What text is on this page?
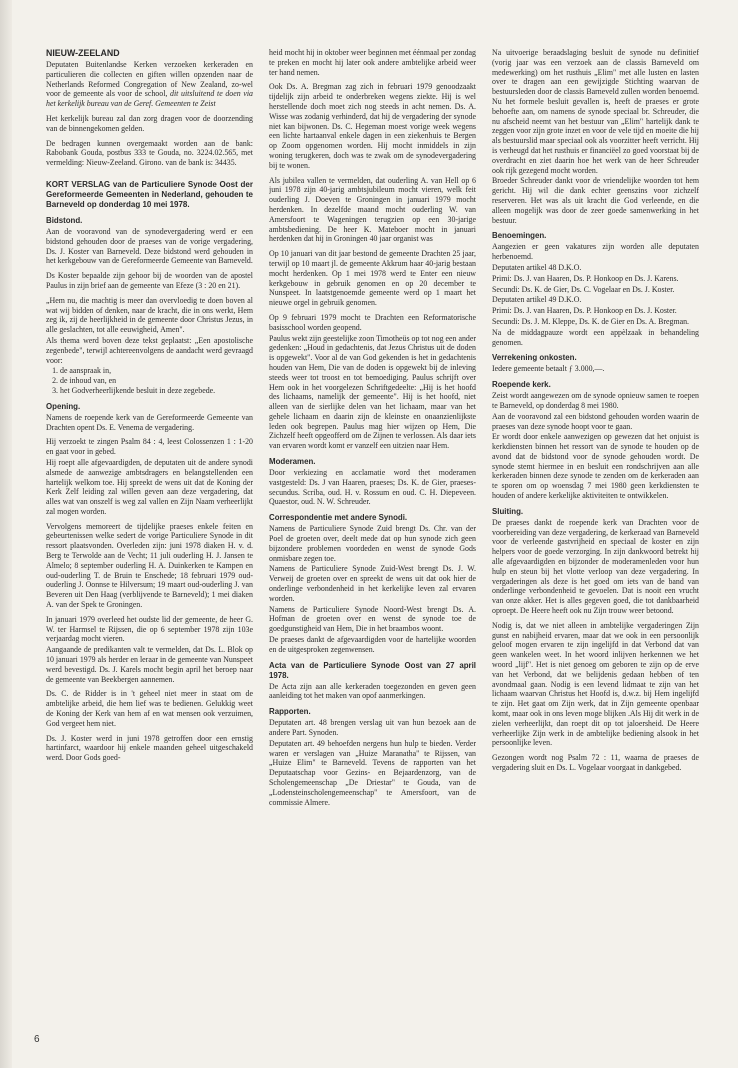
NIEUW-ZEELAND

Deputaten Buitenlandse Kerken verzoeken kerkeraden en particulieren die collecten en giften willen opzenden naar de Netherlands Reformed Congregation of New Zealand, zo-wel voor de gemeente als voor de school, dit uitsluitend te doen via het kerkelijk bureau van de Geref. Gemeenten te Zeist

Het kerkelijk bureau zal dan zorg dragen voor de doorzending van de binnengekomen gelden.

De bedragen kunnen overgemaakt worden aan de bank: Rabobank Gouda, postbus 333 te Gouda, no. 3224.02.565, met vermelding: Nieuw-Zeeland. Girono. van de bank is: 34435.

KORT VERSLAG van de Particuliere Synode Oost der Gereformeerde Gemeenten in Nederland, gehouden te Barneveld op donderdag 10 mei 1978.
Bidstond.

Aan de vooravond van de synodevergadering werd er een bidstond gehouden door de praeses van de vorige vergadering, Ds. J. Koster van Barneveld. Deze bidstond werd gehouden in het kerkgebouw van de Gereformeerde Gemeente van Barneveld.

Ds Koster bepaalde zijn gehoor bij de woorden van de apostel Paulus in zijn brief aan de gemeente van Efeze (3 : 20 en 21).

„Hem nu, die machtig is meer dan overvloedig te doen boven al wat wij bidden of denken, naar de kracht, die in ons werkt, Hem zeg ik, zij de heerlijkheid in de gemeente door Christus Jezus, in alle geslachten, tot alle eeuwigheid, Amen".

Als thema werd boven deze tekst geplaatst: „Een apostolische zegenbede", terwijl achtereenvolgens de aandacht werd gevraagd voor:

1. de aanspraak in,
2. de inhoud van, en
3. het Godverheerlijkende besluit in deze zegebede.
Opening.

Namens de roepende kerk van de Gereformeerde Gemeente van Drachten opent Ds. E. Venema de vergadering.

Hij verzoekt te zingen Psalm 84 : 4, leest Colossenzen 1 : 1-20 en gaat voor in gebed.

Hij roept alle afgevaardigden, de deputaten uit de andere synodi alsmede de aanwezige ambtsdragers en belangstellenden een hartelijk welkom toe. Hij spreekt de wens uit dat de Koning der Kerk Zelf leiding zal willen geven aan deze vergadering, dat alles wat van onszelf is weg zal vallen en Zijn Naam verheerlijkt zal mogen worden.

Vervolgens memoreert de tijdelijke praeses enkele feiten en gebeurtenissen welke sedert de vorige Particuliere Synode in dit ressort plaatsvonden. Overleden zijn: juni 1978 diaken H. v. d. Berg te Terwolde aan de Vecht; 11 juli ouderling H. J. Jansen te Almelo; 8 september ouderling H. A. Duinkerken te Kampen en oud-ouderling T. de Bruin te Enschede; 18 februari 1979 oud-ouderling J. Oonnse te Hilversum; 19 maart oud-ouderling J. van Beveren uit Den Haag (verblijvende te Barneveld); 1 mei diaken A. van der Spek te Groningen.

In januari 1979 overleed het oudste lid der gemeente, de heer G. W. ter Harmsel te Rijssen, die op 6 september 1978 zijn 103e verjaardag mocht vieren.

Aangaande de predikanten valt te vermelden, dat Ds. L. Blok op 10 januari 1979 als herder en leraar in de gemeente van Nunspeet werd bevestigd. Ds. J. Karels mocht begin april het beroep naar de gemeente van Beekbergen aannemen.

Ds. C. de Ridder is in 't geheel niet meer in staat om de ambtelijke arbeid, die hem lief was te bedienen. Gelukkig weet de Koning der Kerk van hem af en wat mensen ook verzuimen, God vergeet hem niet.

Ds. J. Koster werd in juni 1978 getroffen door een ernstig hartinfarct, waardoor hij enkele maanden geheel uitgeschakeld werd. Door Gods goed-

heid mocht hij in oktober weer beginnen met éénmaal per zondag te preken en mocht hij later ook andere ambtelijke arbeid weer ter hand nemen.

Ook Ds. A. Bregman zag zich in februari 1979 genoodzaakt tijdelijk zijn arbeid te onderbreken wegens ziekte. Hij is wel herstellende doch moet zich nog steeds in acht nemen. Ds. A. Wisse was zodanig verhinderd, dat hij de vergadering der synode niet kan bijwonen. Ds. C. Hegeman moest vorige week wegens een lichte hartaanval enkele dagen in een ziekenhuis te Bergen op Zoom opgenomen worden. Hij mocht inmiddels in zijn woning terugkeren, doch was te zwak om de synodevergadering bij te wonen.

Als jubilea vallen te vermelden, dat ouderling A. van Hell op 6 juni 1978 zijn 40-jarig ambtsjubileum mocht vieren, welk feit ouderling J. Doeven te Groningen in januari 1979 mocht herdenken. In dezelfde maand mocht ouderling W. van Amersfoort te Wageningen terugzien op een 30-jarige ambtsbediening. De heer K. Mateboer mocht in januari herdenken dat hij in Groningen 40 jaar organist was

Op 10 januari van dit jaar bestond de gemeente Drachten 25 jaar, terwijl op 10 maart jl. de gemeente Akkrum haar 40-jarig bestaan mocht herdenken. Op 1 mei 1978 werd te Enter een nieuw kerkgebouw in gebruik genomen en op 20 december te Nunspeet. In laatstgenoemde gemeente werd op 1 maart het nieuwe orgel in gebruik genomen.

Op 9 februari 1979 mocht te Drachten een Reformatorische basisschool worden geopend.

Paulus wekt zijn geestelijke zoon Timotheüs op tot nog een ander gedenken: „Houd in gedachtenis, dat Jezus Christus uit de doden is opgewekt". Voor al de van God gekenden is het in gedachtenis houden van Hem, Die van de doden is opgewekt bij de inleving steeds weer tot troost en tot bemoediging. Paulus schrijft over Hem ook in het voorgelezen Schriftgedeelte: „Hij is het hoofd des lichaams, namelijk der gemeente". Hij is het hoofd, niet alleen van de sierlijke delen van het lichaam, maar van het gehele lichaam en daarin zijn de kleinste en onaanzienlijkste leden ook begrepen. Paulus mag hier wijzen op Hem, Die Zichzelf heeft opgeofferd om de Zijnen te verlossen. Als daar iets van ervaren wordt komt er vanzelf een uitzien naar Hem.

Moderamen.

Door verkiezing en acclamatie word thet moderamen vastgesteld: Ds. J van Haaren, praeses; Ds. K. de Gier, praeses-secundus. Scriba, oud. H. v. Rossum en oud. C. H. Diepeveen. Quaestor, oud. N. W. Schreuder.

Correspondentie met andere Synodi.

Namens de Particuliere Synode Zuid brengt Ds. Chr. van der Poel de groeten over, deelt mede dat op hun synode zich geen bijzondere problemen voordeden en wenst de synode Gods onmisbare zegen toe.

Namens de Particuliere Synode Zuid-West brengt Ds. J. W. Verweij de groeten over en spreekt de wens uit dat ook hier de onderlinge verbondenheid in het kerkelijke leven zal ervaren worden.

Namens de Particuliere Synode Noord-West brengt Ds. A. Hofman de groeten over en wenst de synode toe de goedgunstigheid van Hem, Die in het braambos woont.

De praeses dankt de afgevaardigden voor de hartelijke woorden en de uitgesproken zegenwensen.

Acta van de Particuliere Synode Oost van 27 april 1978.

De Acta zijn aan alle kerkeraden toegezonden en geven geen aanleiding tot het maken van opof aanmerkingen.

Rapporten.

Deputaten art. 48 brengen verslag uit van hun bezoek aan de andere Part. Synoden.

Deputaten art. 49 behoefden nergens hun hulp te bieden. Verder waren er verslagen van „Huize Maranatha" te Rijssen, van „Huize Elim" te Barneveld. Tevens de rapporten van het Deputaatschap voor Gezins- en Bejaardenzorg, van de Scholengemeenschap „De Driestar" te Gouda, van de „Lodensteinscholengemeenschap" te Amersfoort, van de commissie Almere.

Na uitvoerige beraadslaging besluit de synode nu definitief (vorig jaar was een verzoek aan de classis Barneveld om medewerking) om het rusthuis „Elim" met alle lusten en lasten over te dragen aan een gewijzigde Stichting waarvan de bestuursleden door de classis Barneveld zullen worden benoemd. Nu het formele besluit gevallen is, heeft de praeses er grote behoefte aan, om namens de synode speciaal br. Schreuder, die nu afscheid neemt van het bestuur van „Elim" hartelijk dank te zeggen voor zijn grote inzet en voor de vele tijd en moeite die hij als bestuurslid maar speciaal ook als voorzitter heeft verricht. Hij is verheugd dat het rusthuis er financiëel zo goed voorstaat bij de overdracht en ziet daarin hoe het werk van de heer Schreuder ook rijk gezegend mocht worden.

Broeder Schreuder dankt voor de vriendelijke woorden tot hem gericht. Hij wil die dank echter geenszins voor zichzelf reserveren. Het was als uit kracht die God verleende, en die alleen mogelijk was door de zeer goede samenwerking in het bestuur.

Benoemingen.

Aangezien er geen vakatures zijn worden alle deputaten herbenoemd.

Deputaten artikel 48 D.K.O.

Primi: Ds. J. van Haaren, Ds. P. Honkoop en Ds. J. Karens.

Secundi: Ds. K. de Gier, Ds. C. Vogelaar en Ds. J. Koster.

Deputaten artikel 49 D.K.O.

Primi: Ds. J. van Haaren, Ds. P. Honkoop en Ds. J. Koster.

Secundi: Ds. J. M. Kleppe, Ds. K. de Gier en Ds. A. Bregman.

Na de middagpauze wordt een appèlzaak in behandeling genomen.

Verrekening onkosten.

Iedere gemeente betaalt ƒ 3.000,—.

Roepende kerk.

Zeist wordt aangewezen om de synode opnieuw samen te roepen te Barneveld, op donderdag 8 mei 1980.

Aan de vooravond zal een bidstond gehouden worden waarin de praeses van deze synode hoopt voor te gaan.

Er wordt door enkele aanwezigen op gewezen dat het onjuist is kerkdiensten binnen het ressort van de synode te houden op de avond dat de bidstond voor de synode gehouden wordt. De synode stemt hiermee in en besluit een rondschrijven aan alle kerkeraden binnen deze synode te zenden om de kerkeraden aan te sporen om op woensdag 7 mei 1980 geen kerkdiensten te houden of andere kerkelijke aktiviteiten te ontwikkelen.

Sluiting.

De praeses dankt de roepende kerk van Drachten voor de voorbereiding van deze vergadering, de kerkeraad van Barneveld voor de verleende gastvrijheid en speciaal de koster en zijn helpers voor de goede verzorging. In zijn dankwoord betrekt hij alle afgevaardigden en bijzonder de moderamenleden voor hun hulp en steun bij het vlotte verloop van deze vergadering. In vergaderingen als deze is het goed om iets van de band van onderlinge verbondenheid te gevoelen. Dat is nooit een vrucht van onze akker. Het is alles gegeven goed, die tot dankbaarheid oproept. De Heere heeft ook nu Zijn trouw weer betoond.

Nodig is, dat we niet alleen in ambtelijke vergaderingen Zijn gunst en nabijheid ervaren, maar dat we ook in een persoonlijk geloof mogen ervaren te zijn ingelijfd in dat Verbond dat van geen wankelen weet. In het woord inlijven herkennen we het woord „lijf". Het is niet genoeg om geboren te zijn op de erve van het Verbond, dat we belijdenis gedaan hebben of ten avondmaal gaan. Nodig is een levend lidmaat te zijn van het lichaam waarvan Christus het Hoofd is, d.w.z. bij Hem ingelijfd te zijn. Het gaat om Zijn werk, dat in Zijn gemeente openbaar komt, maar ook in ons leven moge blijken .Als Hij dit werk in de zielen verheerlijkt, dan roept dit op tot jaloersheid. De Heere verheerlijke Zijn werk in de ambtelijke bediening alsook in het persoonlijke leven.

Gezongen wordt nog Psalm 72 : 11, waarna de praeses de vergadering sluit en Ds. L. Vogelaar voorgaat in dankgebed.

6
